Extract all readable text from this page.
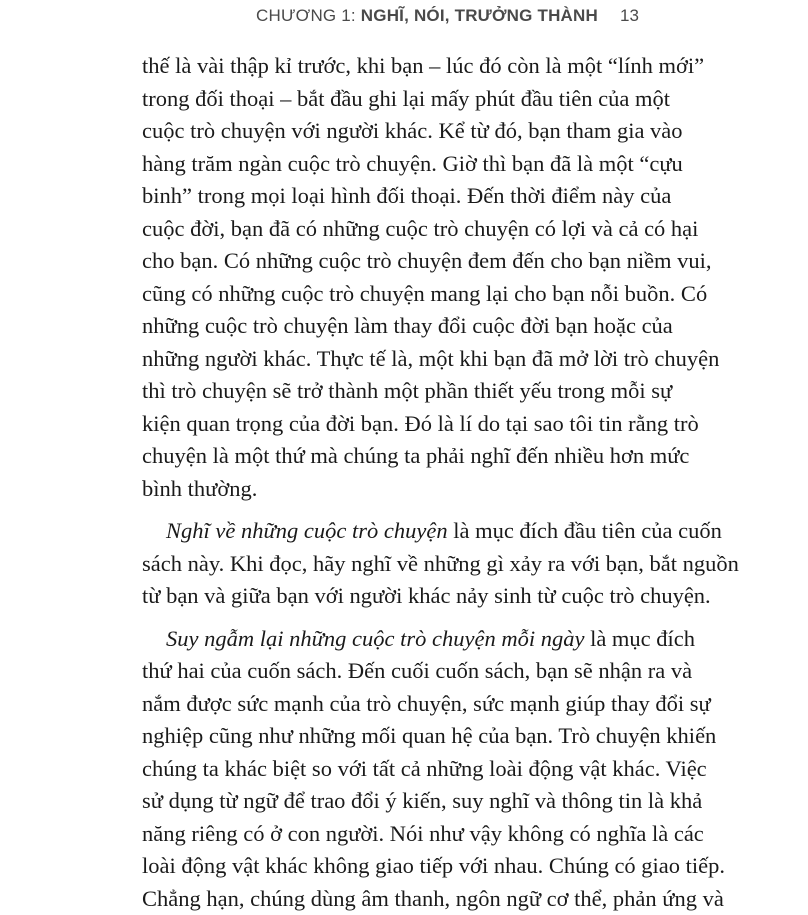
CHƯƠNG 1: NGHĨ, NÓI, TRƯỞNG THÀNH 13
thế là vài thập kỉ trước, khi bạn – lúc đó còn là một “lính mới”
trong đối thoại – bắt đầu ghi lại mấy phút đầu tiên của một
cuộc trò chuyện với người khác. Kể từ đó, bạn tham gia vào
hàng trăm ngàn cuộc trò chuyện. Giờ thì bạn đã là một “cựu
binh” trong mọi loại hình đối thoại. Đến thời điểm này của
cuộc đời, bạn đã có những cuộc trò chuyện có lợi và cả có hại
cho bạn. Có những cuộc trò chuyện đem đến cho bạn niềm vui,
cũng có những cuộc trò chuyện mang lại cho bạn nỗi buồn. Có
những cuộc trò chuyện làm thay đổi cuộc đời bạn hoặc của
những người khác. Thực tế là, một khi bạn đã mở lời trò chuyện
thì trò chuyện sẽ trở thành một phần thiết yếu trong mỗi sự
kiện quan trọng của đời bạn. Đó là lí do tại sao tôi tin rằng trò
chuyện là một thứ mà chúng ta phải nghĩ đến nhiều hơn mức
bình thường.
Nghĩ về những cuộc trò chuyện là mục đích đầu tiên của cuốn
sách này. Khi đọc, hãy nghĩ về những gì xảy ra với bạn, bắt nguồn
từ bạn và giữa bạn với người khác nảy sinh từ cuộc trò chuyện.
Suy ngẫm lại những cuộc trò chuyện mỗi ngày là mục đích
thứ hai của cuốn sách. Đến cuối cuốn sách, bạn sẽ nhận ra và
nắm được sức mạnh của trò chuyện, sức mạnh giúp thay đổi sự
nghiệp cũng như những mối quan hệ của bạn. Trò chuyện khiến
chúng ta khác biệt so với tất cả những loài động vật khác. Việc
sử dụng từ ngữ để trao đổi ý kiến, suy nghĩ và thông tin là khả
năng riêng có ở con người. Nói như vậy không có nghĩa là các
loài động vật khác không giao tiếp với nhau. Chúng có giao tiếp.
Chẳng hạn, chúng dùng âm thanh, ngôn ngữ cơ thể, phản ứng và
